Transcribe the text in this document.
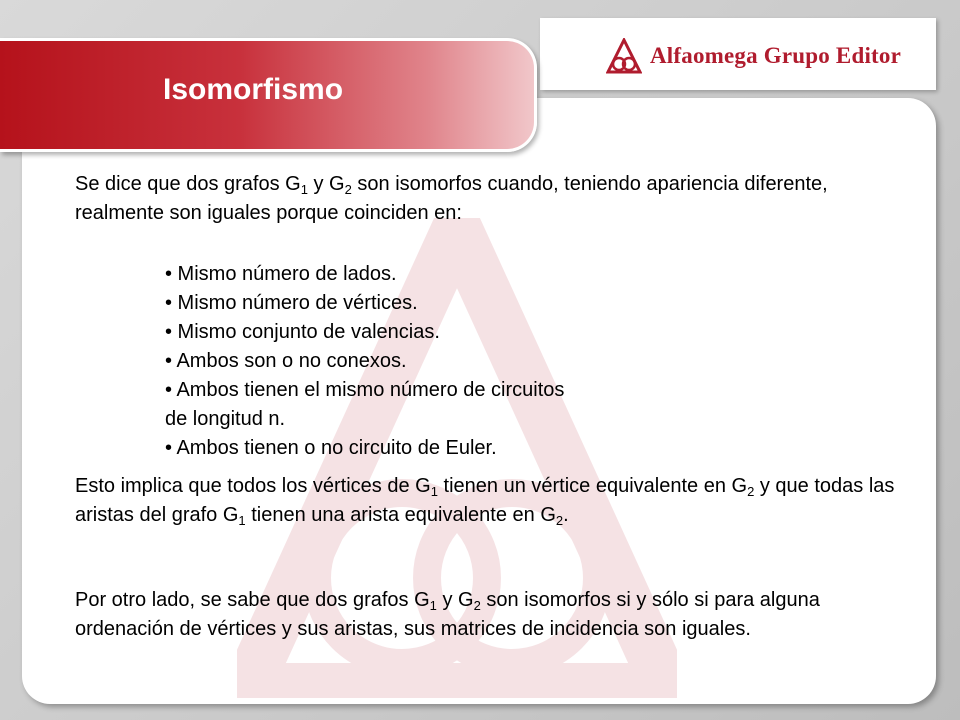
Alfaomega Grupo Editor
Isomorfismo

Se dice que dos grafos $G_1$ y $G_2$ son isomorfos cuando, teniendo apariencia diferente, realmente son iguales porque coinciden en:

• Mismo número de lados.
• Mismo número de vértices.
• Mismo conjunto de valencias.
• Ambos son o no conexos.
• Ambos tienen el mismo número de circuitos
de longitud n.
• Ambos tienen o no circuito de Euler.

Esto implica que todos los vértices de $G_1$ tienen un vértice equivalente en $G_2$ y que todas las aristas del grafo $G_1$ tienen una arista equivalente en $G_2$.

Por otro lado, se sabe que dos grafos $G_1$ y $G_2$ son isomorfos si y sólo si para alguna ordenación de vértices y sus aristas, sus matrices de incidencia son iguales.
